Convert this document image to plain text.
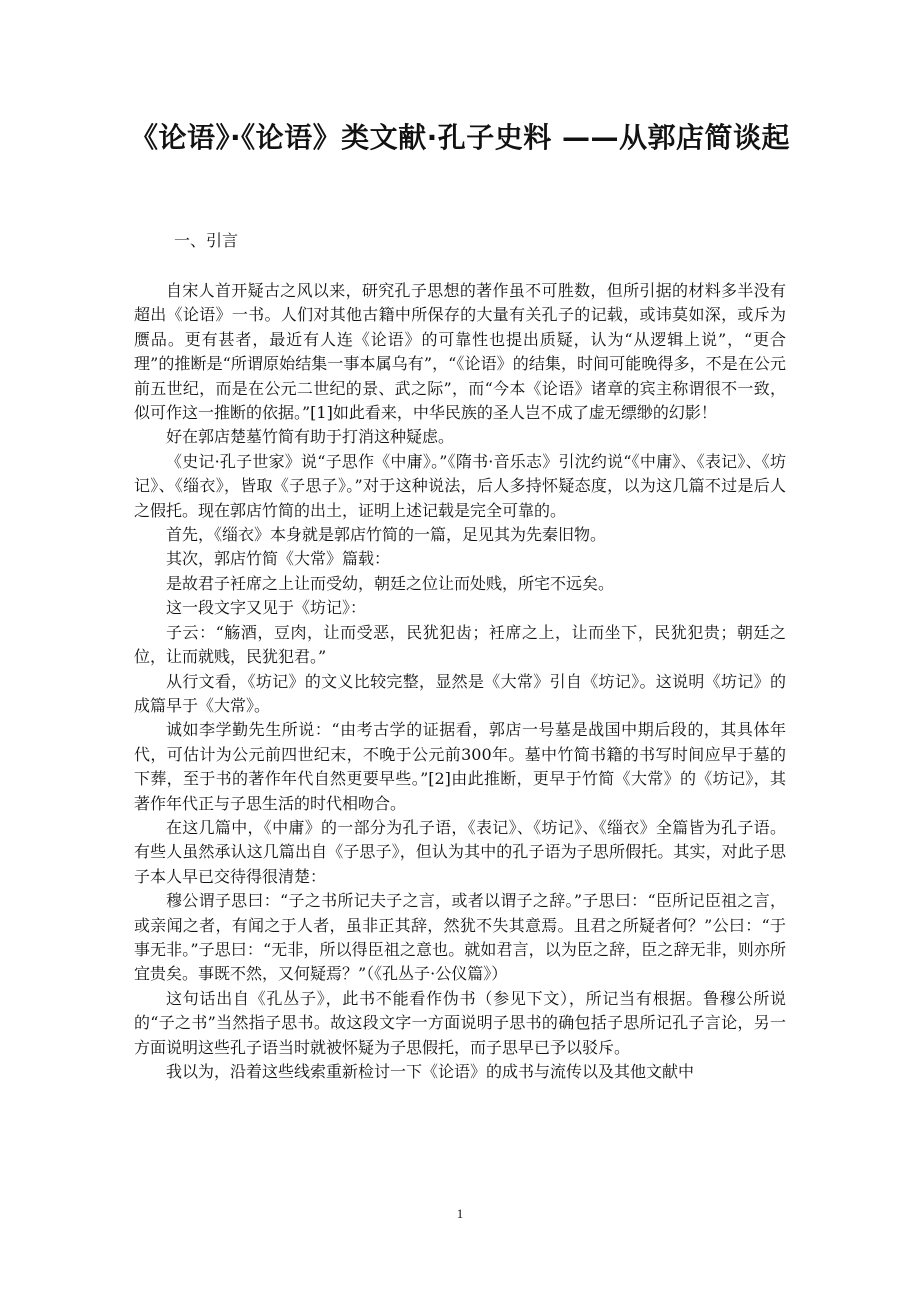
《论语》·《论语》类文献·孔子史料 ——从郭店简谈起
一、引言

自宋人首开疑古之风以来，研究孔子思想的著作虽不可胜数，但所引据的材料多半没有超出《论语》一书。人们对其他古籍中所保存的大量有关孔子的记载，或讳莫如深，或斥为赝品。更有甚者，最近有人连《论语》的可靠性也提出质疑，认为“从逻辑上说”，“更合理”的推断是“所谓原始结集一事本属乌有”，“《论语》的结集，时间可能晚得多，不是在公元前五世纪，而是在公元二世纪的景、武之际”，而“今本《论语》诸章的宾主称谓很不一致，似可作这一推断的依据。”[1]如此看来，中华民族的圣人岂不成了虚无缥缈的幻影！

好在郭店楚墓竹简有助于打消这种疑虑。

《史记·孔子世家》说“子思作《中庸》。”《隋书·音乐志》引沈约说“《中庸》、《表记》、《坊记》、《缁衣》，皆取《子思子》。”对于这种说法，后人多持怀疑态度，以为这几篇不过是后人之假托。现在郭店竹简的出土，证明上述记载是完全可靠的。

首先，《缁衣》本身就是郭店竹简的一篇，足见其为先秦旧物。

其次，郭店竹简《大常》篇载：

是故君子衽席之上让而受幼，朝廷之位让而处贱，所宅不远矣。

这一段文字又见于《坊记》：

子云：“觞酒，豆肉，让而受恶，民犹犯齿；衽席之上，让而坐下，民犹犯贵；朝廷之位，让而就贱，民犹犯君。”

从行文看，《坊记》的文义比较完整，显然是《大常》引自《坊记》。这说明《坊记》的成篇早于《大常》。

诚如李学勤先生所说：“由考古学的证据看，郭店一号墓是战国中期后段的，其具体年代，可估计为公元前四世纪末，不晚于公元前300年。墓中竹简书籍的书写时间应早于墓的下葬，至于书的著作年代自然更要早些。”[2]由此推断，更早于竹简《大常》的《坊记》，其著作年代正与子思生活的时代相吻合。

在这几篇中，《中庸》的一部分为孔子语，《表记》、《坊记》、《缁衣》全篇皆为孔子语。有些人虽然承认这几篇出自《子思子》，但认为其中的孔子语为子思所假托。其实，对此子思子本人早已交待得很清楚：

穆公谓子思曰：“子之书所记夫子之言，或者以谓子之辞。”子思曰：“臣所记臣祖之言，或亲闻之者，有闻之于人者，虽非正其辞，然犹不失其意焉。且君之所疑者何？”公曰：“于事无非。”子思曰：“无非，所以得臣祖之意也。就如君言，以为臣之辞，臣之辞无非，则亦所宜贵矣。事既不然，又何疑焉？”（《孔丛子·公仪篇》）

这句话出自《孔丛子》，此书不能看作伪书（参见下文），所记当有根据。鲁穆公所说的“子之书”当然指子思书。故这段文字一方面说明子思书的确包括子思所记孔子言论，另一方面说明这些孔子语当时就被怀疑为子思假托，而子思早已予以驳斥。

我以为，沿着这些线索重新检讨一下《论语》的成书与流传以及其他文献中

1
